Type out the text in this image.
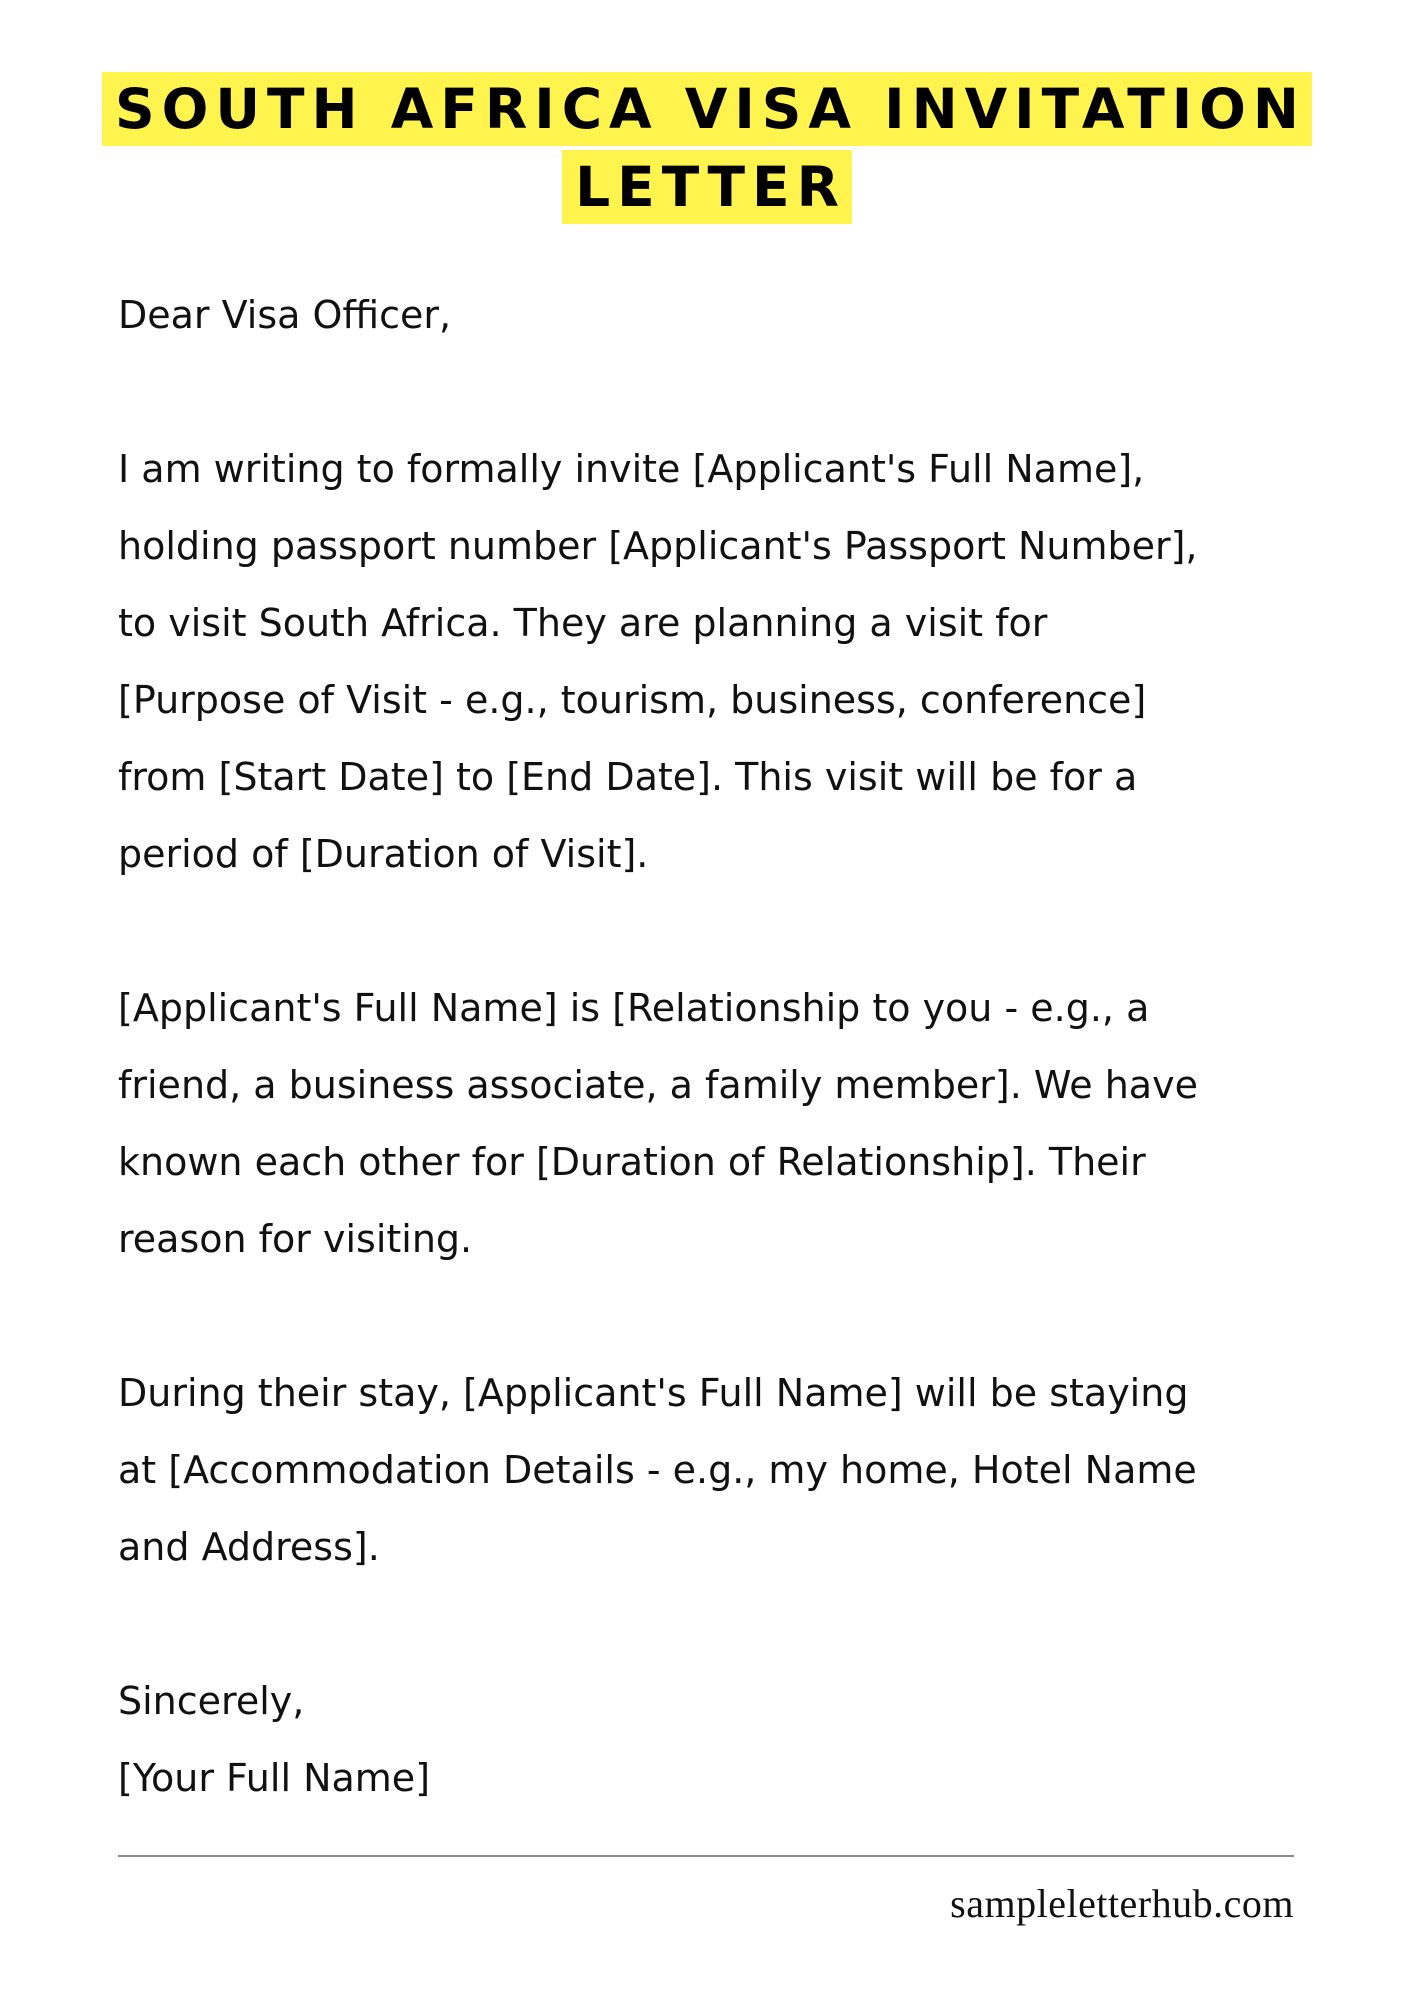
SOUTH AFRICA VISA INVITATION
LETTER
Dear Visa Officer,
I am writing to formally invite [Applicant's Full Name],
holding passport number [Applicant's Passport Number],
to visit South Africa. They are planning a visit for
[Purpose of Visit - e.g., tourism, business, conference]
from [Start Date] to [End Date]. This visit will be for a
period of [Duration of Visit].
[Applicant's Full Name] is [Relationship to you - e.g., a
friend, a business associate, a family member]. We have
known each other for [Duration of Relationship]. Their
reason for visiting.
During their stay, [Applicant's Full Name] will be staying
at [Accommodation Details - e.g., my home, Hotel Name
and Address].
Sincerely,
[Your Full Name]
sampleletterhub.com
